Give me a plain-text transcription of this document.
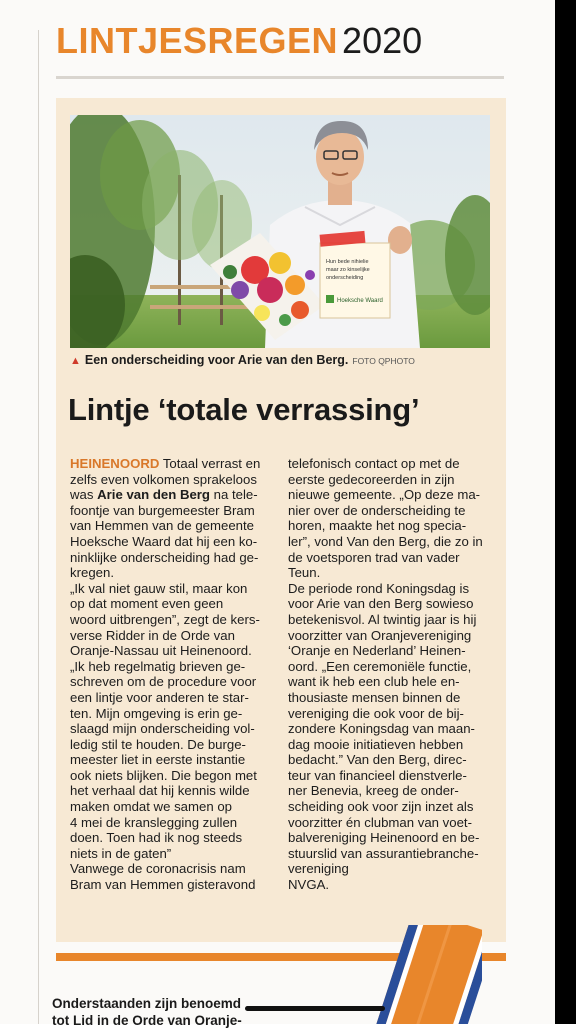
LINTJESREGEN 2020
Hun bede nihielie
maar zo kinselijke
onderscheiding
Hoeksche Waard
▲ Een onderscheiding voor Arie van den Berg. FOTO QPHOTO
Lintje ‘totale verrassing’
HEINENOORD Totaal verrast en
zelfs even volkomen sprakeloos
was Arie van den Berg na tele-
foontje van burgemeester Bram
van Hemmen van de gemeente
Hoeksche Waard dat hij een ko-
ninklijke onderscheiding had ge-
kregen.
„Ik val niet gauw stil, maar kon
op dat moment even geen
woord uitbrengen”, zegt de kers-
verse Ridder in de Orde van
Oranje-Nassau uit Heinenoord.
„Ik heb regelmatig brieven ge-
schreven om de procedure voor
een lintje voor anderen te star-
ten. Mijn omgeving is erin ge-
slaagd mijn onderscheiding vol-
ledig stil te houden. De burge-
meester liet in eerste instantie
ook niets blijken. Die begon met
het verhaal dat hij kennis wilde
maken omdat we samen op
4 mei de kranslegging zullen
doen. Toen had ik nog steeds
niets in de gaten”
Vanwege de coronacrisis nam
Bram van Hemmen gisteravond
telefonisch contact op met de
eerste gedecoreerden in zijn
nieuwe gemeente. „Op deze ma-
nier over de onderscheiding te
horen, maakte het nog specia-
ler”, vond Van den Berg, die zo in
de voetsporen trad van vader
Teun.
De periode rond Koningsdag is
voor Arie van den Berg sowieso
betekenisvol. Al twintig jaar is hij
voorzitter van Oranjevereniging
‘Oranje en Nederland’ Heinen-
oord. „Een ceremoniële functie,
want ik heb een club hele en-
thousiaste mensen binnen de
vereniging die ook voor de bij-
zondere Koningsdag van maan-
dag mooie initiatieven hebben
bedacht.” Van den Berg, direc-
teur van financieel dienstverle-
ner Benevia, kreeg de onder-
scheiding ook voor zijn inzet als
voorzitter én clubman van voet-
balvereniging Heinenoord en be-
stuurslid van assurantiebranche-
vereniging
NVGA.
Onderstaanden zijn benoemd
tot Lid in de Orde van Oranje-
